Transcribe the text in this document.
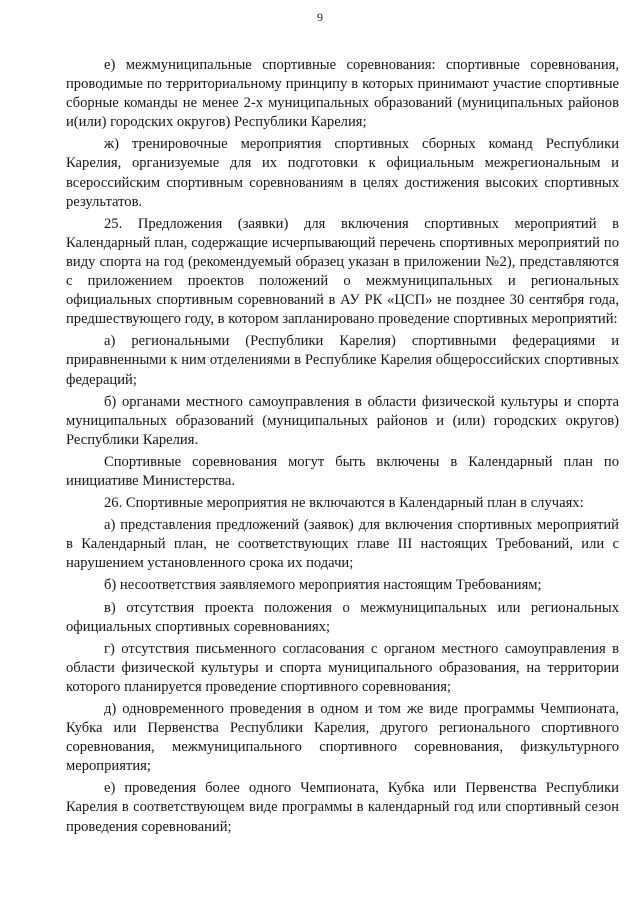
9

е) межмуниципальные спортивные соревнования: спортивные соревнования, проводимые по территориальному принципу в которых принимают участие спортивные сборные команды не менее 2-х муниципальных образований (муниципальных районов и(или) городских округов) Республики Карелия;

ж) тренировочные мероприятия спортивных сборных команд Республики Карелия, организуемые для их подготовки к официальным межрегиональным и всероссийским спортивным соревнованиям в целях достижения высоких спортивных результатов.

25. Предложения (заявки) для включения спортивных мероприятий в Календарный план, содержащие исчерпывающий перечень спортивных мероприятий по виду спорта на год (рекомендуемый образец указан в приложении №2), представляются с приложением проектов положений о межмуниципальных и региональных официальных спортивным соревнований в АУ РК «ЦСП» не позднее 30 сентября года, предшествующего году, в котором запланировано проведение спортивных мероприятий:

а) региональными (Республики Карелия) спортивными федерациями и приравненными к ним отделениями в Республике Карелия общероссийских спортивных федераций;

б) органами местного самоуправления в области физической культуры и спорта муниципальных образований (муниципальных районов и (или) городских округов) Республики Карелия.

Спортивные соревнования могут быть включены в Календарный план по инициативе Министерства.

26. Спортивные мероприятия не включаются в Календарный план в случаях:

а) представления предложений (заявок) для включения спортивных мероприятий в Календарный план, не соответствующих главе III настоящих Требований, или с нарушением установленного срока их подачи;

б) несоответствия заявляемого мероприятия настоящим Требованиям;

в) отсутствия проекта положения о межмуниципальных или региональных официальных спортивных соревнованиях;

г) отсутствия письменного согласования с органом местного самоуправления в области физической культуры и спорта муниципального образования, на территории которого планируется проведение спортивного соревнования;

д) одновременного проведения в одном и том же виде программы Чемпионата, Кубка или Первенства Республики Карелия, другого регионального спортивного соревнования, межмуниципального спортивного соревнования, физкультурного мероприятия;

е) проведения более одного Чемпионата, Кубка или Первенства Республики Карелия в соответствующем виде программы в календарный год или спортивный сезон проведения соревнований;
